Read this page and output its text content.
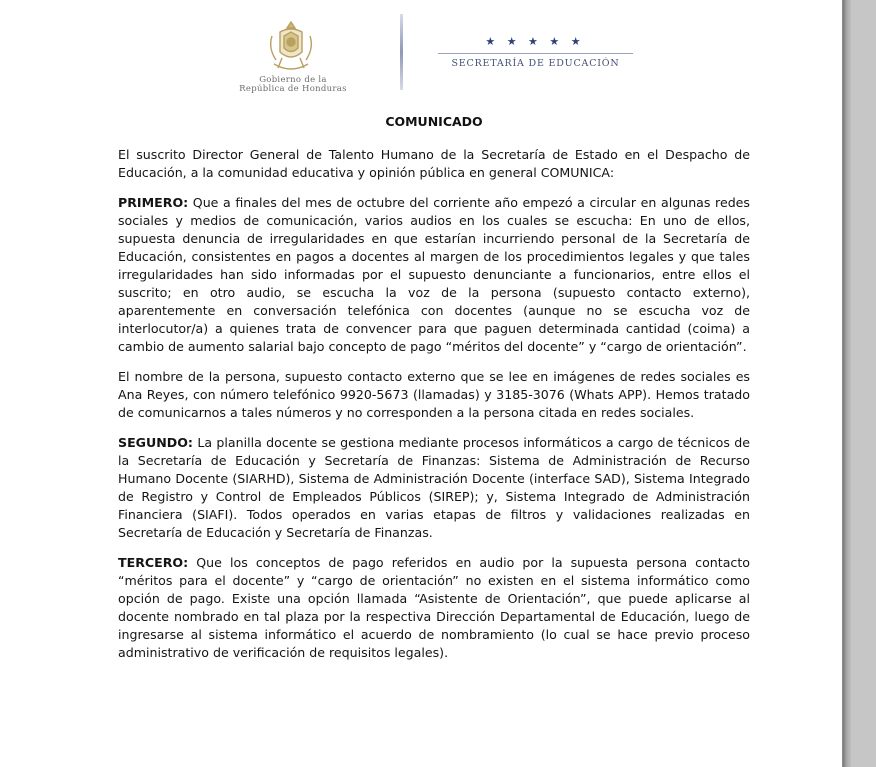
Gobierno de la
República de Honduras
★ ★ ★ ★ ★
SECRETARÍA DE EDUCACIÓN
COMUNICADO

El suscrito Director General de Talento Humano de la Secretaría de Estado en el Despacho de Educación, a la comunidad educativa y opinión pública en general COMUNICA:

PRIMERO: Que a finales del mes de octubre del corriente año empezó a circular en algunas redes sociales y medios de comunicación, varios audios en los cuales se escucha: En uno de ellos, supuesta denuncia de irregularidades en que estarían incurriendo personal de la Secretaría de Educación, consistentes en pagos a docentes al margen de los procedimientos legales y que tales irregularidades han sido informadas por el supuesto denunciante a funcionarios, entre ellos el suscrito; en otro audio, se escucha la voz de la persona (supuesto contacto externo), aparentemente en conversación telefónica con docentes (aunque no se escucha voz de interlocutor/a) a quienes trata de convencer para que paguen determinada cantidad (coima) a cambio de aumento salarial bajo concepto de pago “méritos del docente” y “cargo de orientación”.

El nombre de la persona, supuesto contacto externo que se lee en imágenes de redes sociales es Ana Reyes, con número telefónico 9920-5673 (llamadas) y 3185-3076 (Whats APP). Hemos tratado de comunicarnos a tales números y no corresponden a la persona citada en redes sociales.

SEGUNDO: La planilla docente se gestiona mediante procesos informáticos a cargo de técnicos de la Secretaría de Educación y Secretaría de Finanzas: Sistema de Administración de Recurso Humano Docente (SIARHD), Sistema de Administración Docente (interface SAD), Sistema Integrado de Registro y Control de Empleados Públicos (SIREP); y, Sistema Integrado de Administración Financiera (SIAFI). Todos operados en varias etapas de filtros y validaciones realizadas en Secretaría de Educación y Secretaría de Finanzas.

TERCERO: Que los conceptos de pago referidos en audio por la supuesta persona contacto “méritos para el docente” y “cargo de orientación” no existen en el sistema informático como opción de pago. Existe una opción llamada “Asistente de Orientación”, que puede aplicarse al docente nombrado en tal plaza por la respectiva Dirección Departamental de Educación, luego de ingresarse al sistema informático el acuerdo de nombramiento (lo cual se hace previo proceso administrativo de verificación de requisitos legales).
